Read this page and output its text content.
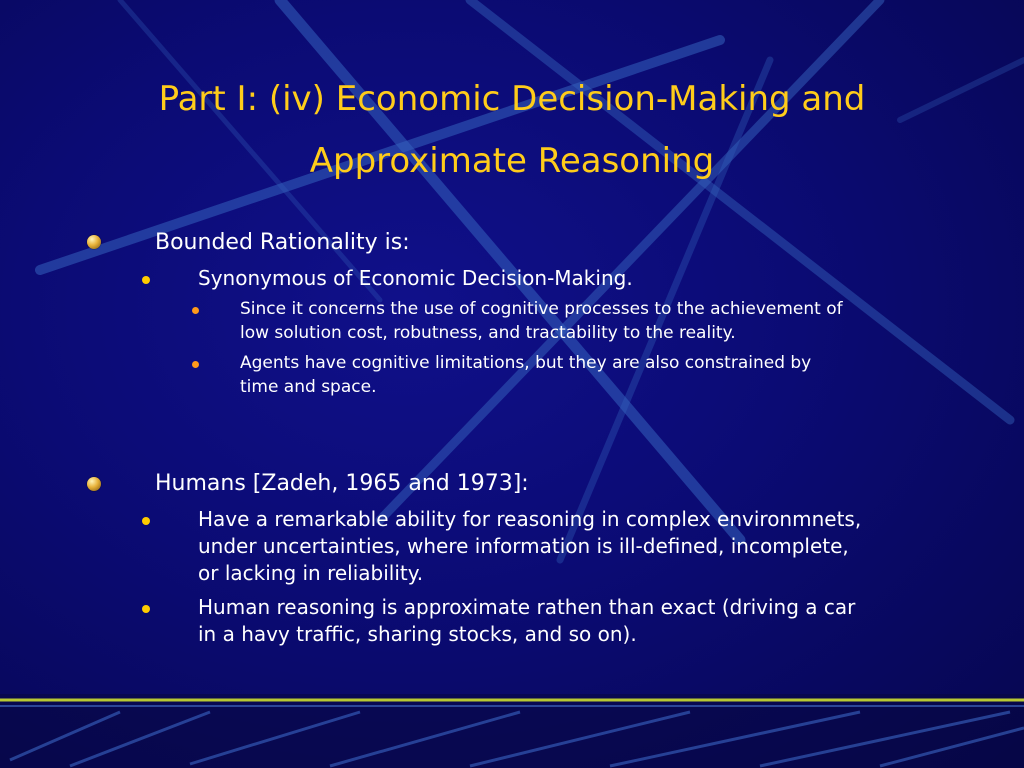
Part I: (iv) Economic Decision-Making and
Approximate Reasoning

Bounded Rationality is:

Synonymous of Economic Decision-Making.

Since it concerns the use of cognitive processes to the achievement of
low solution cost, robutness, and tractability to the reality.

Agents have cognitive limitations, but they are also constrained by
time and space.

Humans [Zadeh, 1965 and 1973]:

Have a remarkable ability for reasoning in complex environmnets,
under uncertainties, where information is ill-defined, incomplete,
or lacking in reliability.

Human reasoning is approximate rathen than exact (driving a car
in a havy traffic, sharing stocks, and so on).
